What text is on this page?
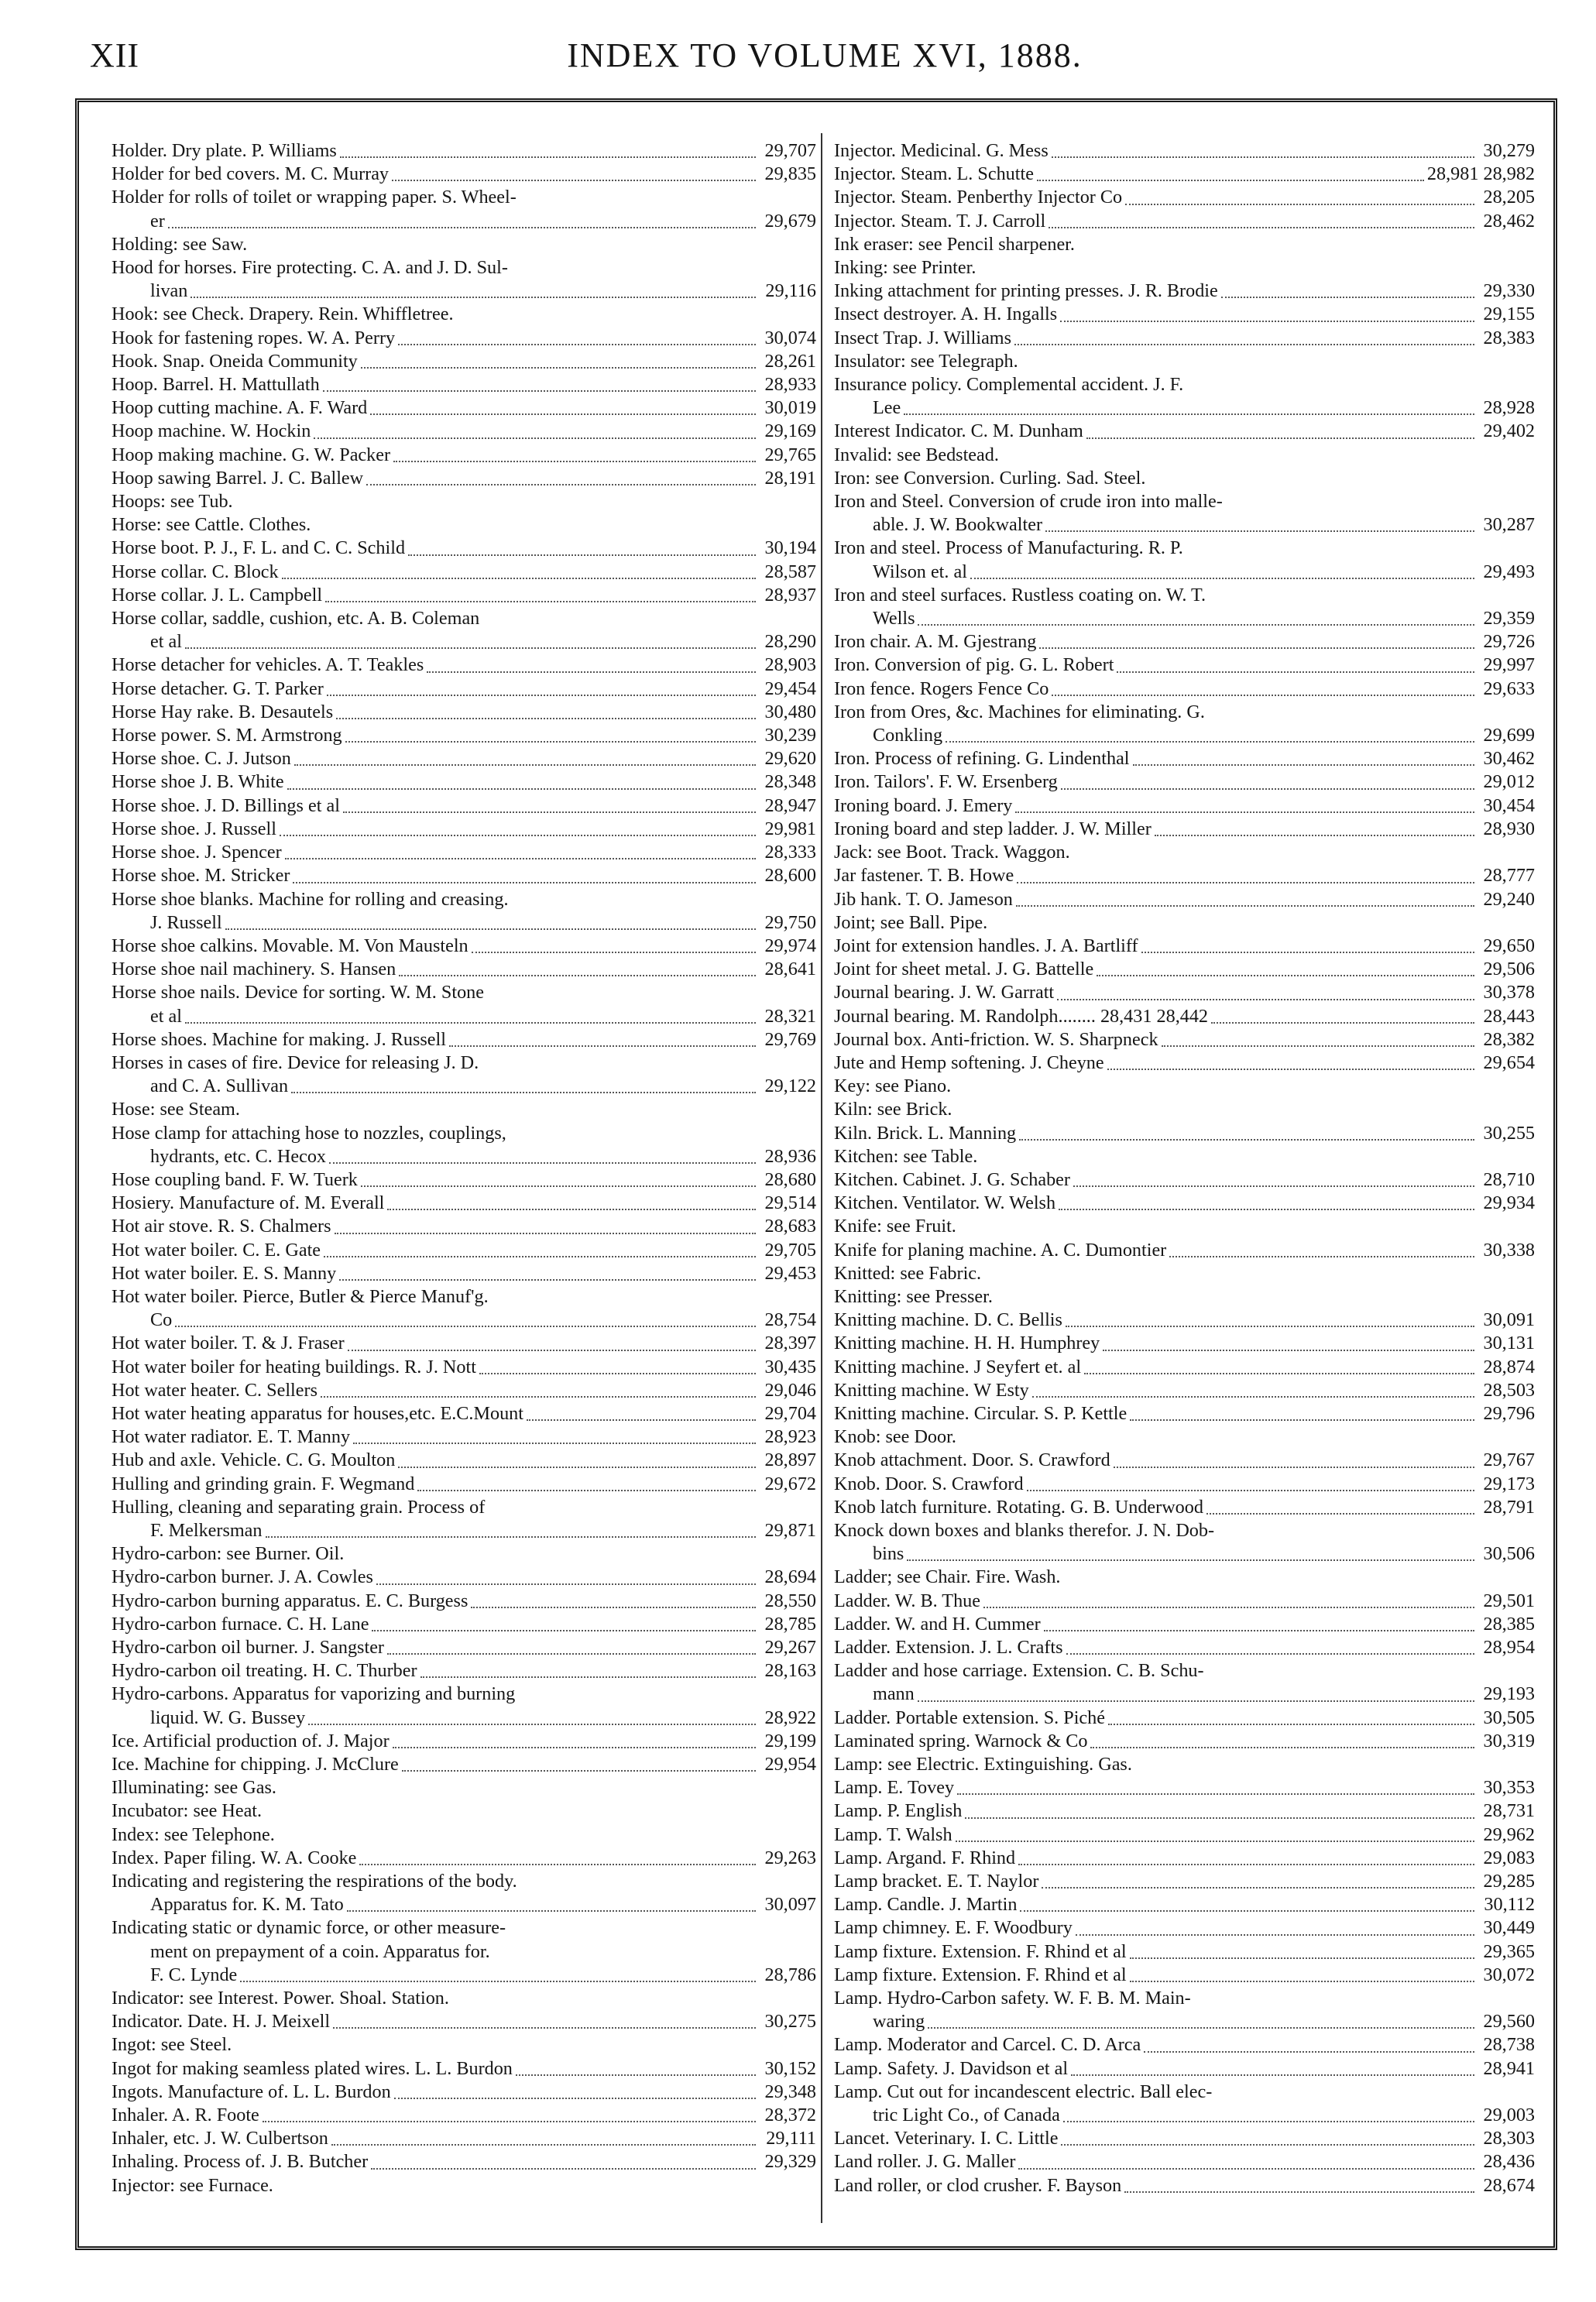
XII	INDEX TO VOLUME XVI, 1888.
Holder. Dry plate. P. Williams	29,707
Holder for bed covers. M. C. Murray	29,835
Holder for rolls of toilet or wrapping paper. S. Wheel-
er	29,679
Holding: see Saw.
Hood for horses. Fire protecting. C. A. and J. D. Sul-
livan	29,116
Hook: see Check. Drapery. Rein. Whiffletree.
Hook for fastening ropes. W. A. Perry	30,074
Hook. Snap. Oneida Community	28,261
Hoop. Barrel. H. Mattullath	28,933
Hoop cutting machine. A. F. Ward	30,019
Hoop machine. W. Hockin	29,169
Hoop making machine. G. W. Packer	29,765
Hoop sawing Barrel. J. C. Ballew	28,191
Hoops: see Tub.
Horse: see Cattle. Clothes.
Horse boot. P. J., F. L. and C. C. Schild	30,194
Horse collar. C. Block	28,587
Horse collar. J. L. Campbell	28,937
Horse collar, saddle, cushion, etc. A. B. Coleman
et al	28,290
Horse detacher for vehicles. A. T. Teakles	28,903
Horse detacher. G. T. Parker	29,454
Horse Hay rake. B. Desautels	30,480
Horse power. S. M. Armstrong	30,239
Horse shoe. C. J. Jutson	29,620
Horse shoe J. B. White	28,348
Horse shoe. J. D. Billings et al	28,947
Horse shoe. J. Russell	29,981
Horse shoe. J. Spencer	28,333
Horse shoe. M. Stricker	28,600
Horse shoe blanks. Machine for rolling and creasing.
J. Russell	29,750
Horse shoe calkins. Movable. M. Von Mausteln	29,974
Horse shoe nail machinery. S. Hansen	28,641
Horse shoe nails. Device for sorting. W. M. Stone
et al	28,321
Horse shoes. Machine for making. J. Russell	29,769
Horses in cases of fire. Device for releasing J. D.
and C. A. Sullivan	29,122
Hose: see Steam.
Hose clamp for attaching hose to nozzles, couplings,
hydrants, etc. C. Hecox	28,936
Hose coupling band. F. W. Tuerk	28,680
Hosiery. Manufacture of. M. Everall	29,514
Hot air stove. R. S. Chalmers	28,683
Hot water boiler. C. E. Gate	29,705
Hot water boiler. E. S. Manny	29,453
Hot water boiler. Pierce, Butler & Pierce Manuf'g.
Co	28,754
Hot water boiler. T. & J. Fraser	28,397
Hot water boiler for heating buildings. R. J. Nott	30,435
Hot water heater. C. Sellers	29,046
Hot water heating apparatus for houses,etc. E.C.Mount	29,704
Hot water radiator. E. T. Manny	28,923
Hub and axle. Vehicle. C. G. Moulton	28,897
Hulling and grinding grain. F. Wegmand	29,672
Hulling, cleaning and separating grain. Process of
F. Melkersman	29,871
Hydro-carbon: see Burner. Oil.
Hydro-carbon burner. J. A. Cowles	28,694
Hydro-carbon burning apparatus. E. C. Burgess	28,550
Hydro-carbon furnace. C. H. Lane	28,785
Hydro-carbon oil burner. J. Sangster	29,267
Hydro-carbon oil treating. H. C. Thurber	28,163
Hydro-carbons. Apparatus for vaporizing and burning
liquid. W. G. Bussey	28,922
Ice. Artificial production of. J. Major	29,199
Ice. Machine for chipping. J. McClure	29,954
Illuminating: see Gas.
Incubator: see Heat.
Index: see Telephone.
Index. Paper filing. W. A. Cooke	29,263
Indicating and registering the respirations of the body.
Apparatus for. K. M. Tato	30,097
Indicating static or dynamic force, or other measure-
ment on prepayment of a coin. Apparatus for.
F. C. Lynde	28,786
Indicator: see Interest. Power. Shoal. Station.
Indicator. Date. H. J. Meixell	30,275
Ingot: see Steel.
Ingot for making seamless plated wires. L. L. Burdon	30,152
Ingots. Manufacture of. L. L. Burdon	29,348
Inhaler. A. R. Foote	28,372
Inhaler, etc. J. W. Culbertson	29,111
Inhaling. Process of. J. B. Butcher	29,329
Injector: see Furnace.
Injector. Medicinal. G. Mess	30,279
Injector. Steam. L. Schutte	28,981 28,982
Injector. Steam. Penberthy Injector Co	28,205
Injector. Steam. T. J. Carroll	28,462
Ink eraser: see Pencil sharpener.
Inking: see Printer.
Inking attachment for printing presses. J. R. Brodie	29,330
Insect destroyer. A. H. Ingalls	29,155
Insect Trap. J. Williams	28,383
Insulator: see Telegraph.
Insurance policy. Complemental accident. J. F.
Lee	28,928
Interest Indicator. C. M. Dunham	29,402
Invalid: see Bedstead.
Iron: see Conversion. Curling. Sad. Steel.
Iron and Steel. Conversion of crude iron into malle-
able. J. W. Bookwalter	30,287
Iron and steel. Process of Manufacturing. R. P.
Wilson et. al	29,493
Iron and steel surfaces. Rustless coating on. W. T.
Wells	29,359
Iron chair. A. M. Gjestrang	29,726
Iron. Conversion of pig. G. L. Robert	29,997
Iron fence. Rogers Fence Co	29,633
Iron from Ores, &c. Machines for eliminating. G.
Conkling	29,699
Iron. Process of refining. G. Lindenthal	30,462
Iron. Tailors'. F. W. Ersenberg	29,012
Ironing board. J. Emery	30,454
Ironing board and step ladder. J. W. Miller	28,930
Jack: see Boot. Track. Waggon.
Jar fastener. T. B. Howe	28,777
Jib hank. T. O. Jameson	29,240
Joint; see Ball. Pipe.
Joint for extension handles. J. A. Bartliff	29,650
Joint for sheet metal. J. G. Battelle	29,506
Journal bearing. J. W. Garratt	30,378
Journal bearing. M. Randolph........ 28,431 28,442	28,443
Journal box. Anti-friction. W. S. Sharpneck	28,382
Jute and Hemp softening. J. Cheyne	29,654
Key: see Piano.
Kiln: see Brick.
Kiln. Brick. L. Manning	30,255
Kitchen: see Table.
Kitchen. Cabinet. J. G. Schaber	28,710
Kitchen. Ventilator. W. Welsh	29,934
Knife: see Fruit.
Knife for planing machine. A. C. Dumontier	30,338
Knitted: see Fabric.
Knitting: see Presser.
Knitting machine. D. C. Bellis	30,091
Knitting machine. H. H. Humphrey	30,131
Knitting machine. J Seyfert et. al	28,874
Knitting machine. W Esty	28,503
Knitting machine. Circular. S. P. Kettle	29,796
Knob: see Door.
Knob attachment. Door. S. Crawford	29,767
Knob. Door. S. Crawford	29,173
Knob latch furniture. Rotating. G. B. Underwood	28,791
Knock down boxes and blanks therefor. J. N. Dob-
bins	30,506
Ladder; see Chair. Fire. Wash.
Ladder. W. B. Thue	29,501
Ladder. W. and H. Cummer	28,385
Ladder. Extension. J. L. Crafts	28,954
Ladder and hose carriage. Extension. C. B. Schu-
mann	29,193
Ladder. Portable extension. S. Piché	30,505
Laminated spring. Warnock & Co	30,319
Lamp: see Electric. Extinguishing. Gas.
Lamp. E. Tovey	30,353
Lamp. P. English	28,731
Lamp. T. Walsh	29,962
Lamp. Argand. F. Rhind	29,083
Lamp bracket. E. T. Naylor	29,285
Lamp. Candle. J. Martin	30,112
Lamp chimney. E. F. Woodbury	30,449
Lamp fixture. Extension. F. Rhind et al	29,365
Lamp fixture. Extension. F. Rhind et al	30,072
Lamp. Hydro-Carbon safety. W. F. B. M. Main-
waring	29,560
Lamp. Moderator and Carcel. C. D. Arca	28,738
Lamp. Safety. J. Davidson et al	28,941
Lamp. Cut out for incandescent electric. Ball elec-
tric Light Co., of Canada	29,003
Lancet. Veterinary. I. C. Little	28,303
Land roller. J. G. Maller	28,436
Land roller, or clod crusher. F. Bayson	28,674
